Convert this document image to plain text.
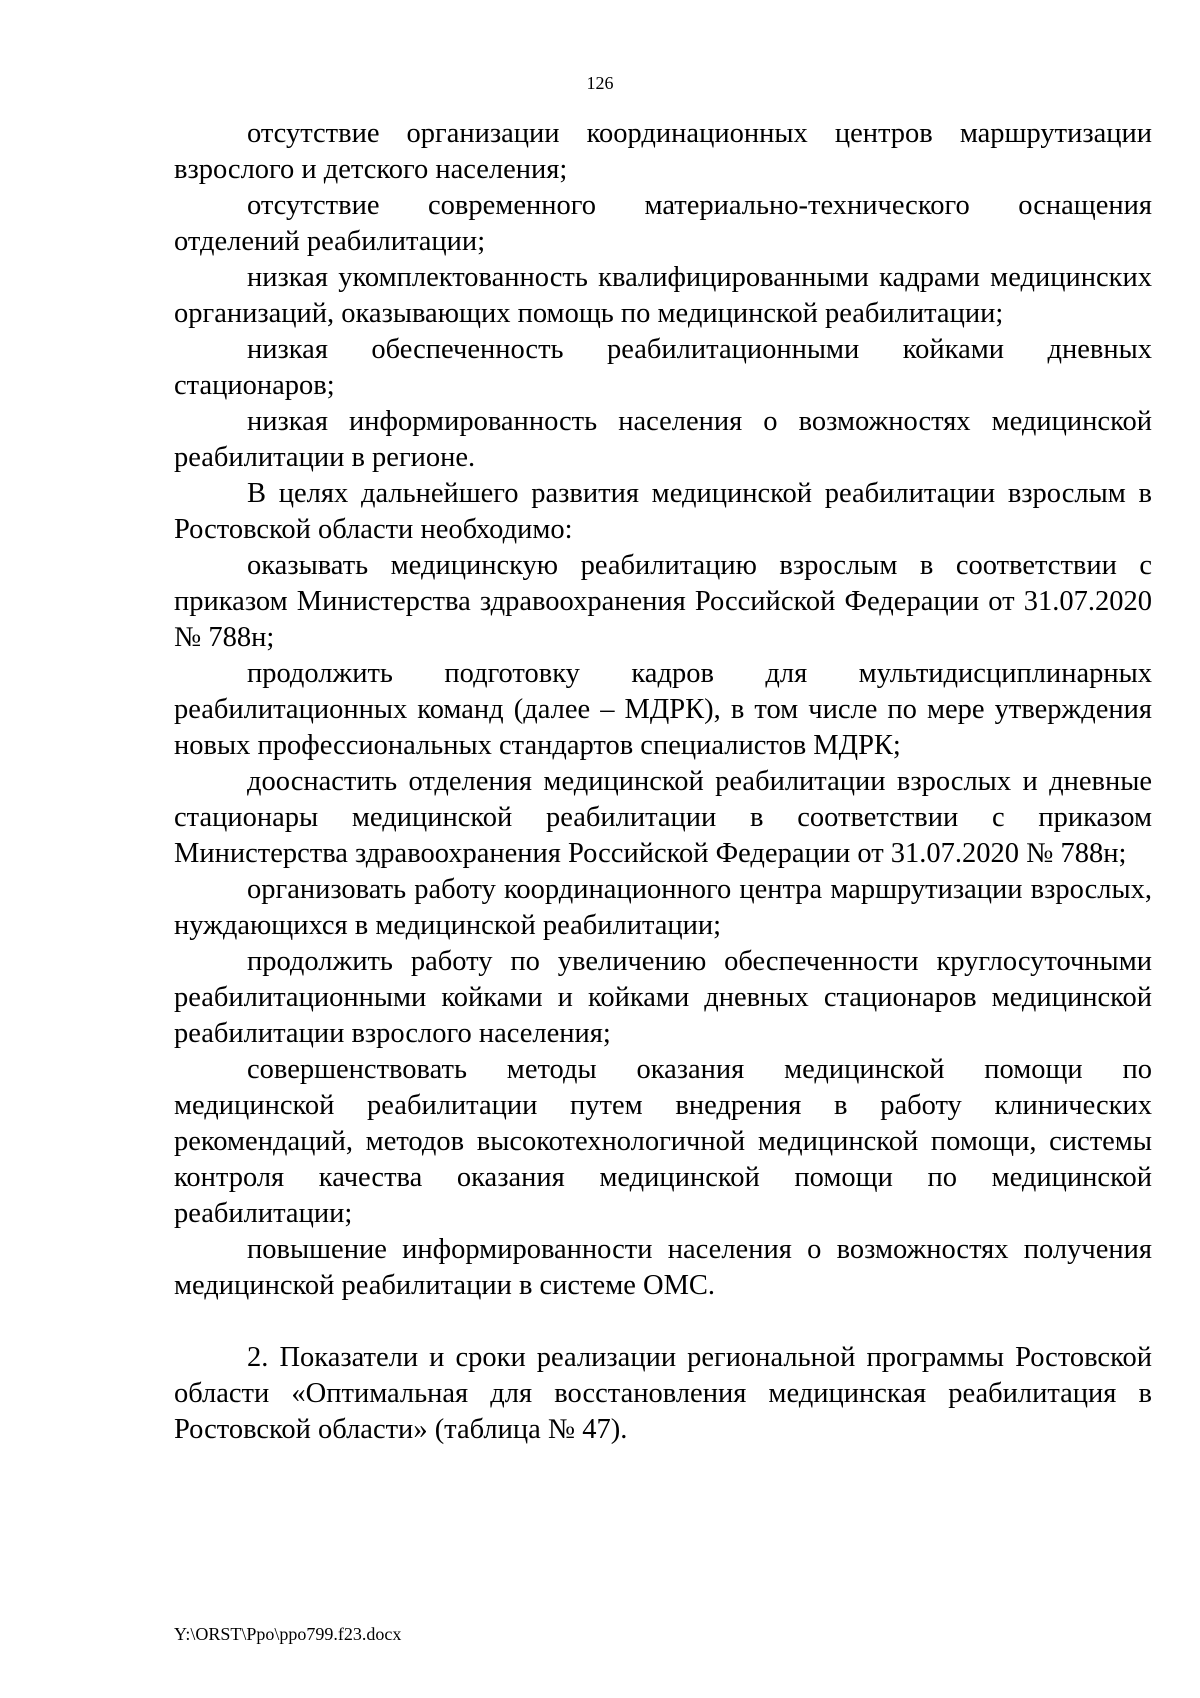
126

отсутствие организации координационных центров маршрутизации взрослого и детского населения;

отсутствие современного материально-технического оснащения отделений реабилитации;

низкая укомплектованность квалифицированными кадрами медицинских организаций, оказывающих помощь по медицинской реабилитации;

низкая обеспеченность реабилитационными койками дневных стационаров;

низкая информированность населения о возможностях медицинской реабилитации в регионе.

В целях дальнейшего развития медицинской реабилитации взрослым в Ростовской области необходимо:

оказывать медицинскую реабилитацию взрослым в соответствии с приказом Министерства здравоохранения Российской Федерации от 31.07.2020 № 788н;

продолжить подготовку кадров для мультидисциплинарных реабилитационных команд (далее – МДРК), в том числе по мере утверждения новых профессиональных стандартов специалистов МДРК;

дооснастить отделения медицинской реабилитации взрослых и дневные стационары медицинской реабилитации в соответствии с приказом Министерства здравоохранения Российской Федерации от 31.07.2020 № 788н;

организовать работу координационного центра маршрутизации взрослых, нуждающихся в медицинской реабилитации;

продолжить работу по увеличению обеспеченности круглосуточными реабилитационными койками и койками дневных стационаров медицинской реабилитации взрослого населения;

совершенствовать методы оказания медицинской помощи по медицинской реабилитации путем внедрения в работу клинических рекомендаций, методов высокотехнологичной медицинской помощи, системы контроля качества оказания медицинской помощи по медицинской реабилитации;

повышение информированности населения о возможностях получения медицинской реабилитации в системе ОМС.

2. Показатели и сроки реализации региональной программы Ростовской области «Оптимальная для восстановления медицинская реабилитация в Ростовской области» (таблица № 47).

Y:\ORST\Ppo\ppo799.f23.docx
